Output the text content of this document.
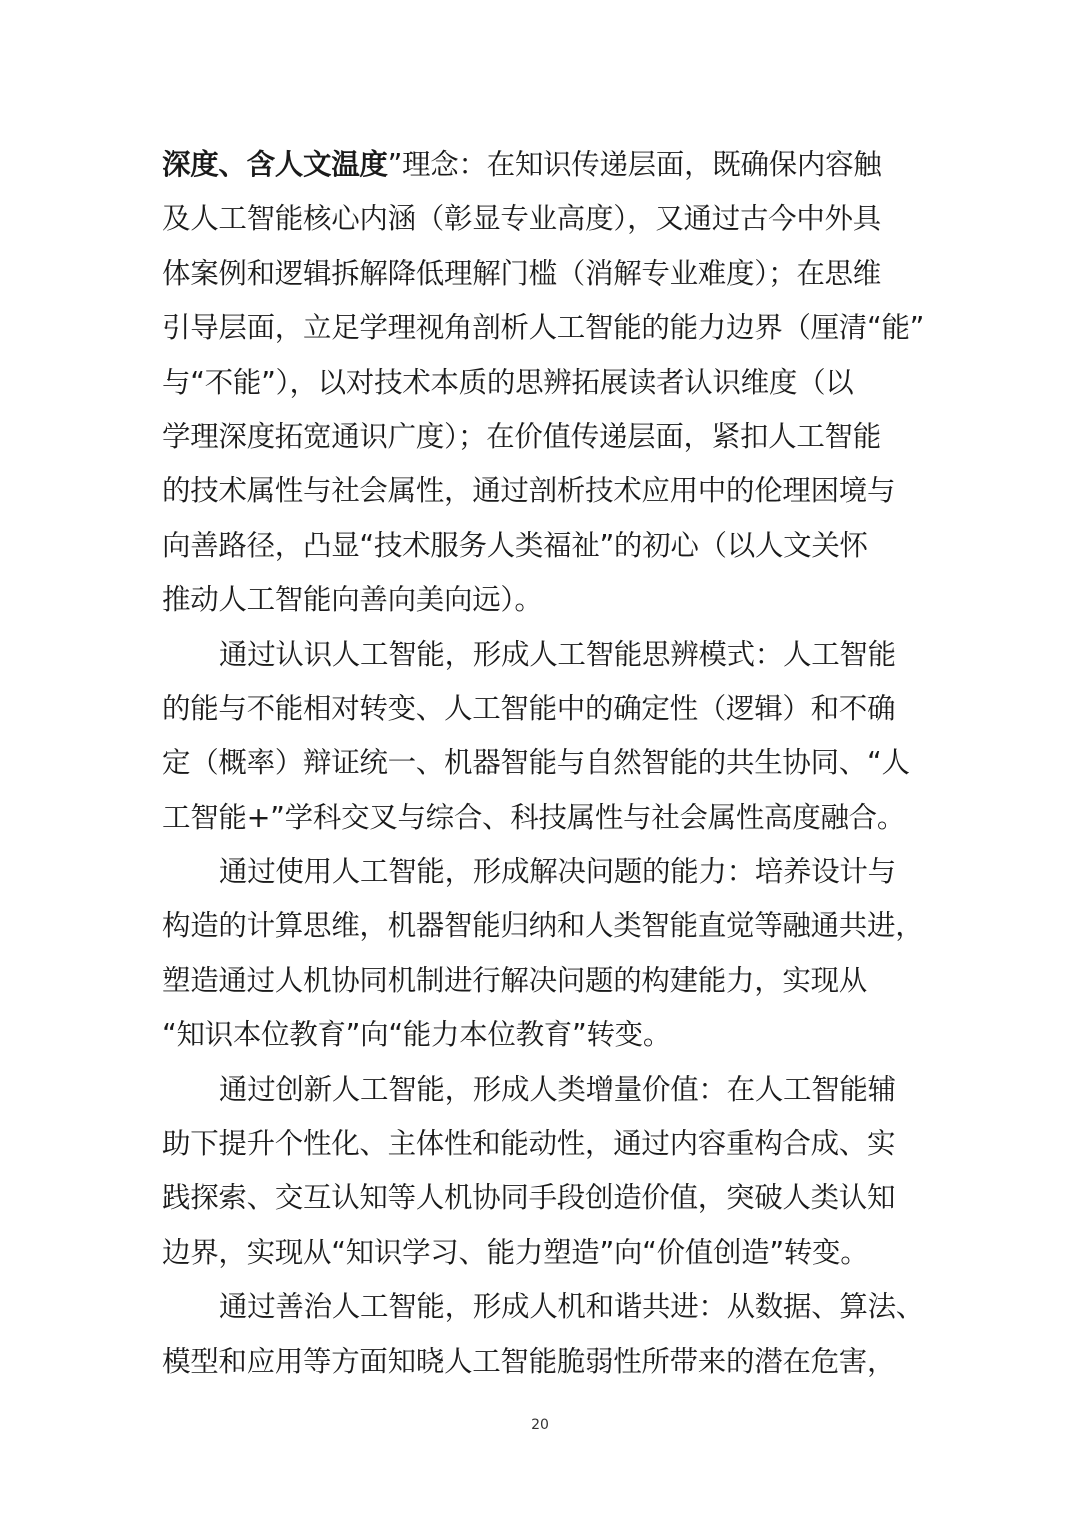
深度、含人文温度”理念：在知识传递层面，既确保内容触
及人工智能核心内涵（彰显专业高度），又通过古今中外具
体案例和逻辑拆解降低理解门槛（消解专业难度）；在思维
引导层面，立足学理视角剖析人工智能的能力边界（厘清“能”
与“不能”），以对技术本质的思辨拓展读者认识维度（以
学理深度拓宽通识广度）；在价值传递层面，紧扣人工智能
的技术属性与社会属性，通过剖析技术应用中的伦理困境与
向善路径，凸显“技术服务人类福祉”的初心（以人文关怀
推动人工智能向善向美向远）。
通过认识人工智能，形成人工智能思辨模式：人工智能
的能与不能相对转变、人工智能中的确定性（逻辑）和不确
定（概率）辩证统一、机器智能与自然智能的共生协同、“人
工智能+”学科交叉与综合、科技属性与社会属性高度融合。
通过使用人工智能，形成解决问题的能力：培养设计与
构造的计算思维，机器智能归纳和人类智能直觉等融通共进，
塑造通过人机协同机制进行解决问题的构建能力，实现从
“知识本位教育”向“能力本位教育”转变。
通过创新人工智能，形成人类增量价值：在人工智能辅
助下提升个性化、主体性和能动性，通过内容重构合成、实
践探索、交互认知等人机协同手段创造价值，突破人类认知
边界，实现从“知识学习、能力塑造”向“价值创造”转变。
通过善治人工智能，形成人机和谐共进：从数据、算法、
模型和应用等方面知晓人工智能脆弱性所带来的潜在危害，
20
